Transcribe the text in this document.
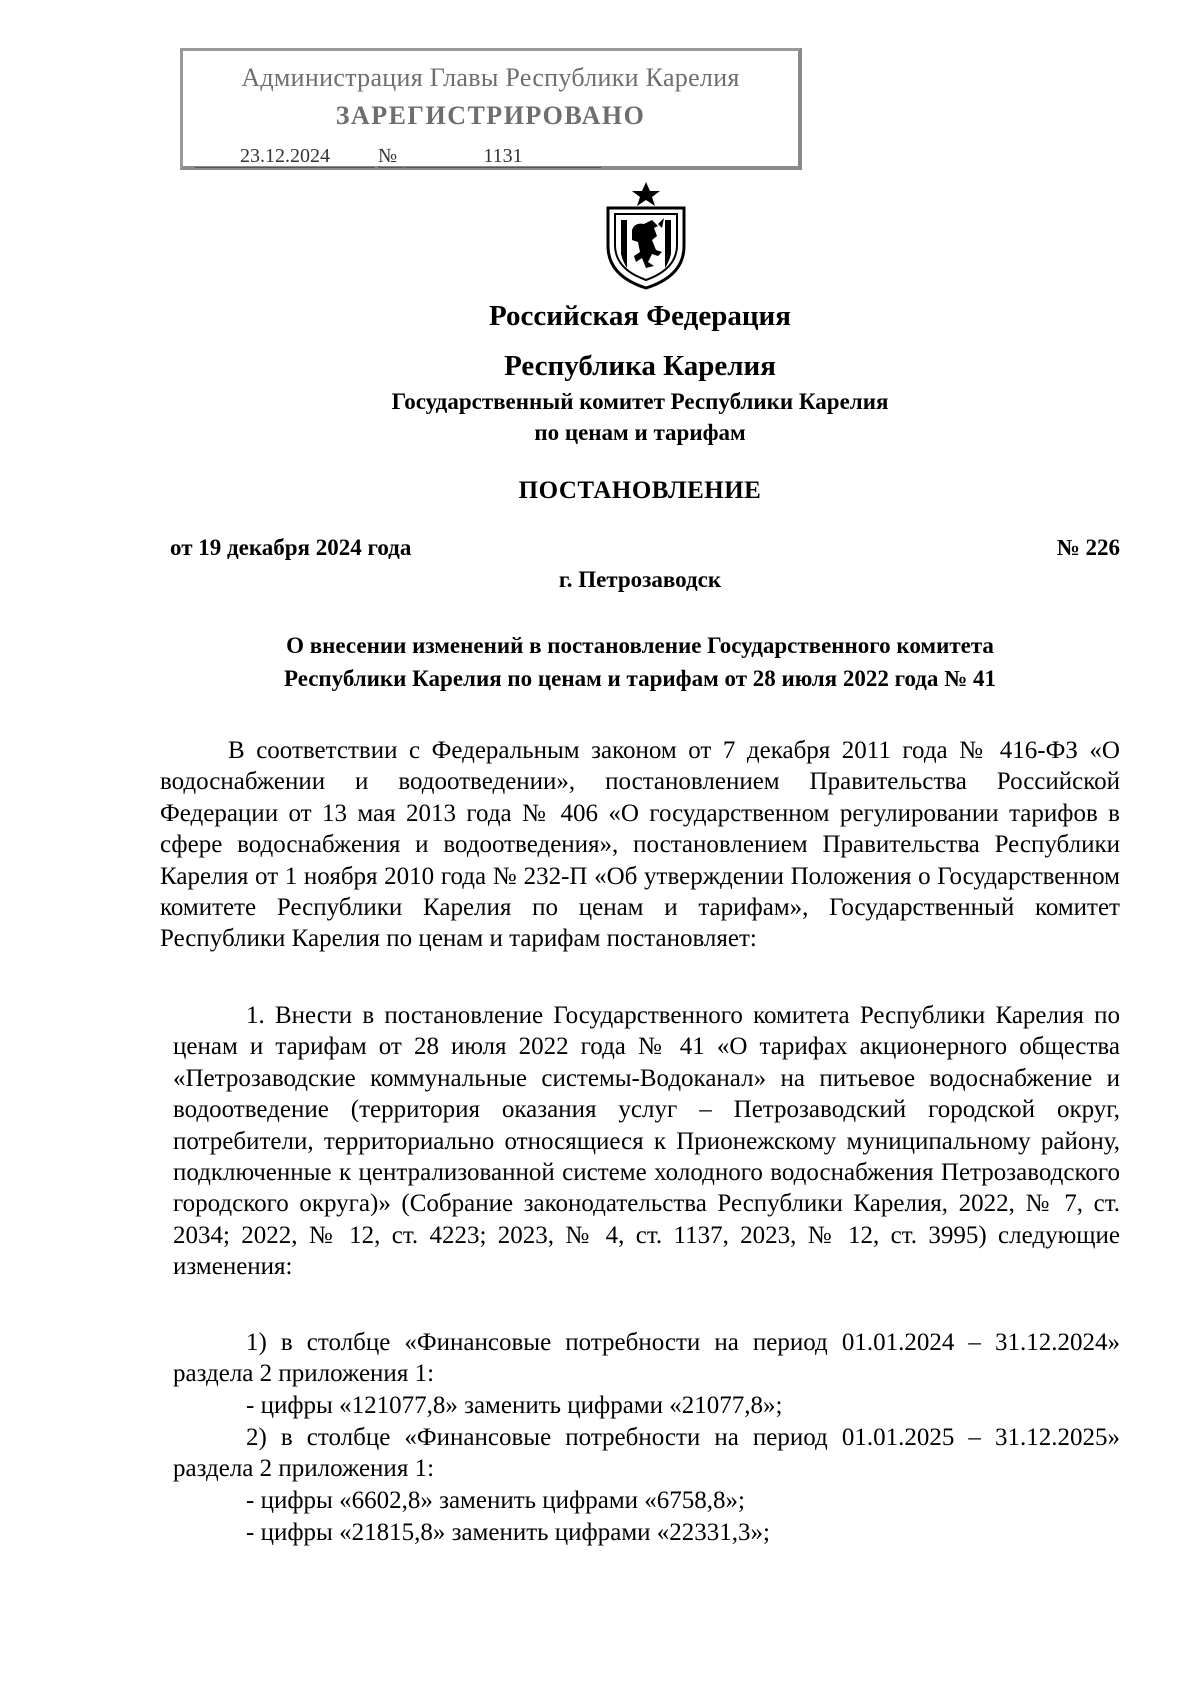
Администрация Главы Республики Карелия
ЗАРЕГИСТРИРОВАНО
23.12.2024	№	1131
Российская Федерация
Республика Карелия
Государственный комитет Республики Карелия
по ценам и тарифам
ПОСТАНОВЛЕНИЕ
от 19 декабря 2024 года	№ 226
г. Петрозаводск
О внесении изменений в постановление Государственного комитета
Республики Карелия по ценам и тарифам от 28 июля 2022 года № 41
В соответствии с Федеральным законом от 7 декабря 2011 года № 416-ФЗ «О водоснабжении и водоотведении», постановлением Правительства Российской Федерации от 13 мая 2013 года № 406 «О государственном регулировании тарифов в сфере водоснабжения и водоотведения», постановлением Правительства Республики Карелия от 1 ноября 2010 года № 232-П «Об утверждении Положения о Государственном комитете Республики Карелия по ценам и тарифам», Государственный комитет Республики Карелия по ценам и тарифам постановляет:
1. Внести в постановление Государственного комитета Республики Карелия по ценам и тарифам от 28 июля 2022 года № 41 «О тарифах акционерного общества «Петрозаводские коммунальные системы-Водоканал» на питьевое водоснабжение и водоотведение (территория оказания услуг – Петрозаводский городской округ, потребители, территориально относящиеся к Прионежскому муниципальному району, подключенные к централизованной системе холодного водоснабжения Петрозаводского городского округа)» (Собрание законодательства Республики Карелия, 2022, № 7, ст. 2034; 2022, № 12, ст. 4223; 2023, № 4, ст. 1137, 2023, № 12, ст. 3995) следующие изменения:
1) в столбце «Финансовые потребности на период 01.01.2024 – 31.12.2024» раздела 2 приложения 1:
- цифры «121077,8» заменить цифрами «21077,8»;
2) в столбце «Финансовые потребности на период 01.01.2025 – 31.12.2025» раздела 2 приложения 1:
- цифры «6602,8» заменить цифрами «6758,8»;
- цифры «21815,8» заменить цифрами «22331,3»;
